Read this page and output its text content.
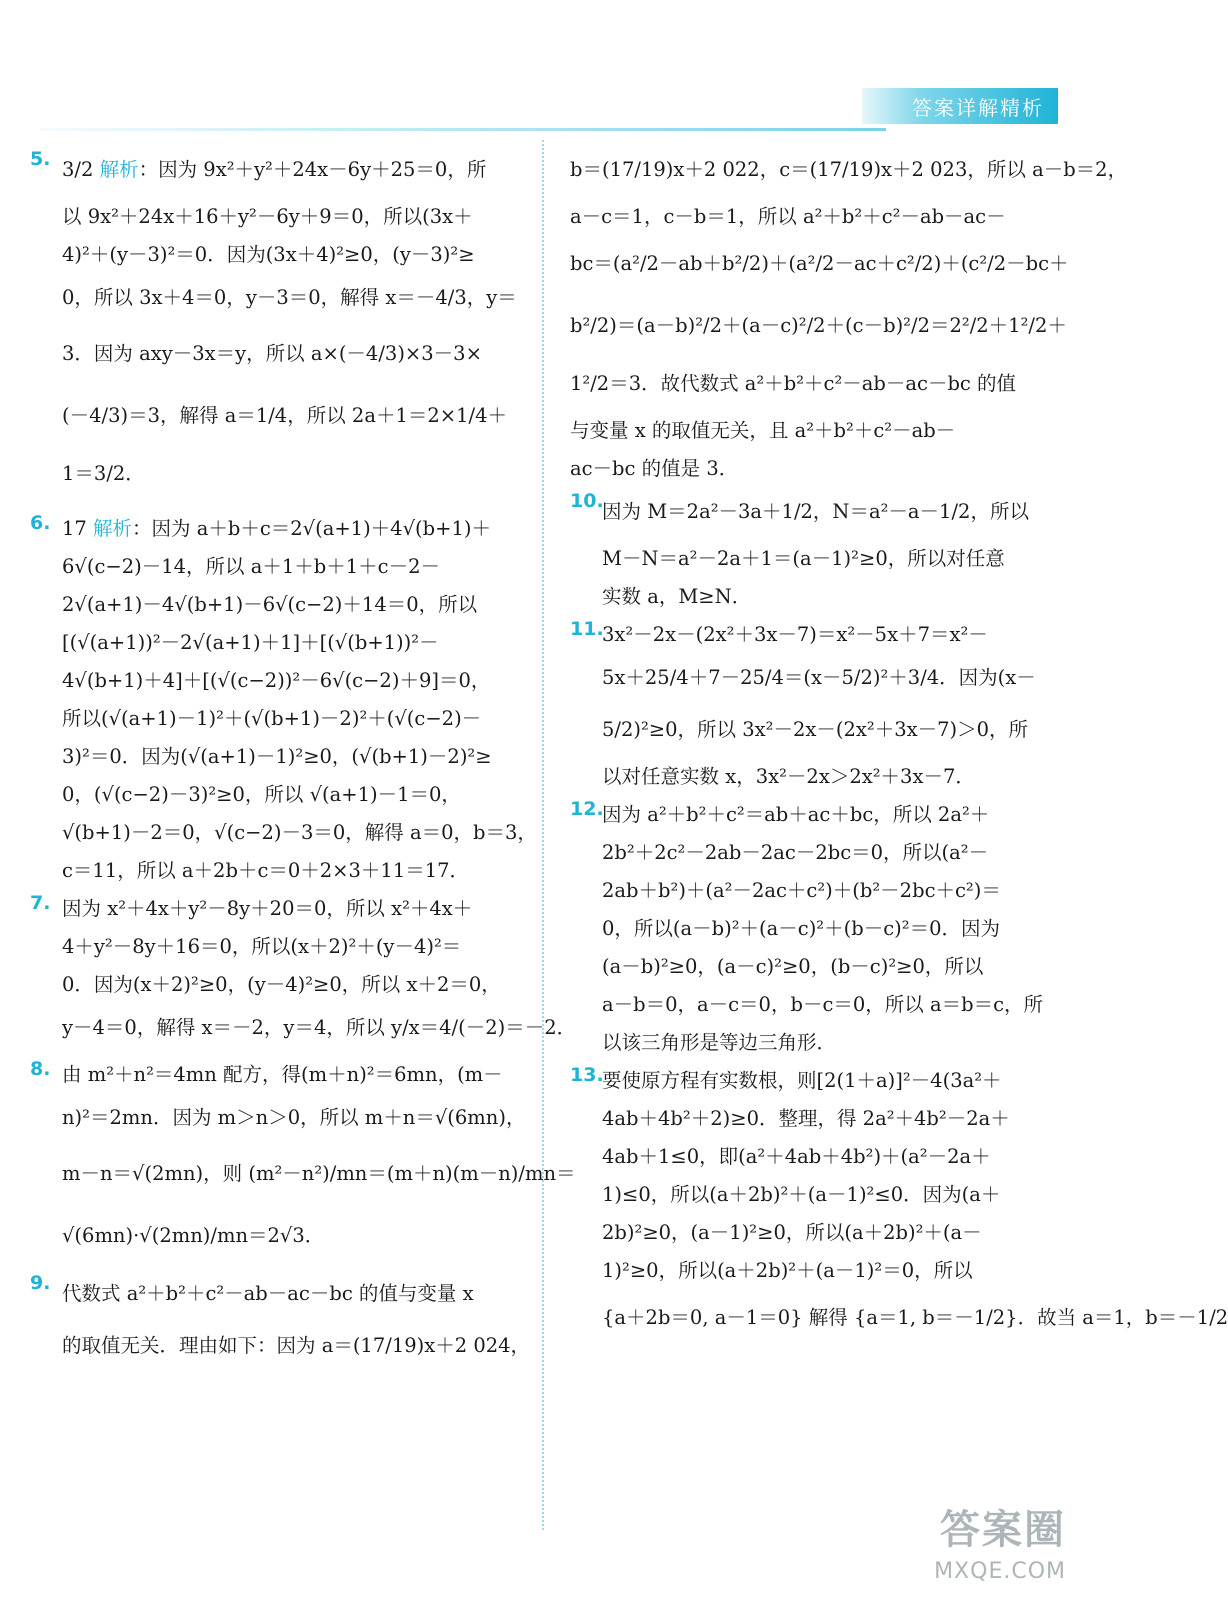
答案详解精析
5. 3/2 解析：因为 9x²＋y²＋24x－6y＋25＝0，所
以 9x²＋24x＋16＋y²－6y＋9＝0，所以(3x＋
4)²＋(y－3)²＝0．因为(3x＋4)²≥0，(y－3)²≥
0，所以 3x＋4＝0，y－3＝0，解得 x＝－4/3，y＝
3．因为 axy－3x＝y，所以 a×(－4/3)×3－3×
(－4/3)＝3，解得 a＝1/4，所以 2a＋1＝2×1/4＋
1＝3/2．
6. 17 解析：因为 a＋b＋c＝2√(a+1)＋4√(b+1)＋
6√(c−2)－14，所以 a＋1＋b＋1＋c－2－
2√(a+1)－4√(b+1)－6√(c−2)＋14＝0，所以
[(√(a+1))²－2√(a+1)＋1]＋[(√(b+1))²－
4√(b+1)＋4]＋[(√(c−2))²－6√(c−2)＋9]＝0，
所以(√(a+1)－1)²＋(√(b+1)－2)²＋(√(c−2)－
3)²＝0．因为(√(a+1)－1)²≥0，(√(b+1)－2)²≥
0，(√(c−2)－3)²≥0，所以 √(a+1)－1＝0，
√(b+1)－2＝0，√(c−2)－3＝0，解得 a＝0，b＝3，
c＝11，所以 a＋2b＋c＝0＋2×3＋11＝17．
7. 因为 x²＋4x＋y²－8y＋20＝0，所以 x²＋4x＋
4＋y²－8y＋16＝0，所以(x＋2)²＋(y－4)²＝
0．因为(x＋2)²≥0，(y－4)²≥0，所以 x＋2＝0，
y－4＝0，解得 x＝－2，y＝4，所以 y/x＝4/(－2)＝－2．
8. 由 m²＋n²＝4mn 配方，得(m＋n)²＝6mn，(m－
n)²＝2mn．因为 m＞n＞0，所以 m＋n＝√(6mn)，
m－n＝√(2mn)，则 (m²－n²)/mn＝(m＋n)(m－n)/mn＝
√(6mn)·√(2mn)/mn＝2√3．
9. 代数式 a²＋b²＋c²－ab－ac－bc 的值与变量 x
的取值无关．理由如下：因为 a＝(17/19)x＋2 024，
b＝(17/19)x＋2 022，c＝(17/19)x＋2 023，所以 a－b＝2，
a－c＝1，c－b＝1，所以 a²＋b²＋c²－ab－ac－
bc＝(a²/2－ab＋b²/2)＋(a²/2－ac＋c²/2)＋(c²/2－bc＋
b²/2)＝(a－b)²/2＋(a－c)²/2＋(c－b)²/2＝2²/2＋1²/2＋
1²/2＝3．故代数式 a²＋b²＋c²－ab－ac－bc 的值
与变量 x 的取值无关，且 a²＋b²＋c²－ab－
ac－bc 的值是 3．
10.
因为 M＝2a²－3a＋1/2，N＝a²－a－1/2，所以
M－N＝a²－2a＋1＝(a－1)²≥0，所以对任意
实数 a，M≥N．
11.
3x²－2x－(2x²＋3x－7)＝x²－5x＋7＝x²－
5x＋25/4＋7－25/4＝(x－5/2)²＋3/4．因为(x－
5/2)²≥0，所以 3x²－2x－(2x²＋3x－7)＞0，所
以对任意实数 x，3x²－2x＞2x²＋3x－7．
12.
因为 a²＋b²＋c²＝ab＋ac＋bc，所以 2a²＋
2b²＋2c²－2ab－2ac－2bc＝0，所以(a²－
2ab＋b²)＋(a²－2ac＋c²)＋(b²－2bc＋c²)＝
0，所以(a－b)²＋(a－c)²＋(b－c)²＝0．因为
(a－b)²≥0，(a－c)²≥0，(b－c)²≥0，所以
a－b＝0，a－c＝0，b－c＝0，所以 a＝b＝c，所
以该三角形是等边三角形．
13.
要使原方程有实数根，则[2(1＋a)]²－4(3a²＋
4ab＋4b²＋2)≥0．整理，得 2a²＋4b²－2a＋
4ab＋1≤0，即(a²＋4ab＋4b²)＋(a²－2a＋
1)≤0，所以(a＋2b)²＋(a－1)²≤0．因为(a＋
2b)²≥0，(a－1)²≥0，所以(a＋2b)²＋(a－
1)²≥0，所以(a＋2b)²＋(a－1)²＝0，所以
{a＋2b＝0, a－1＝0} 解得 {a＝1, b＝－1/2}．故当 a＝1，b＝－1/2
答案圈
MXQE.COM
